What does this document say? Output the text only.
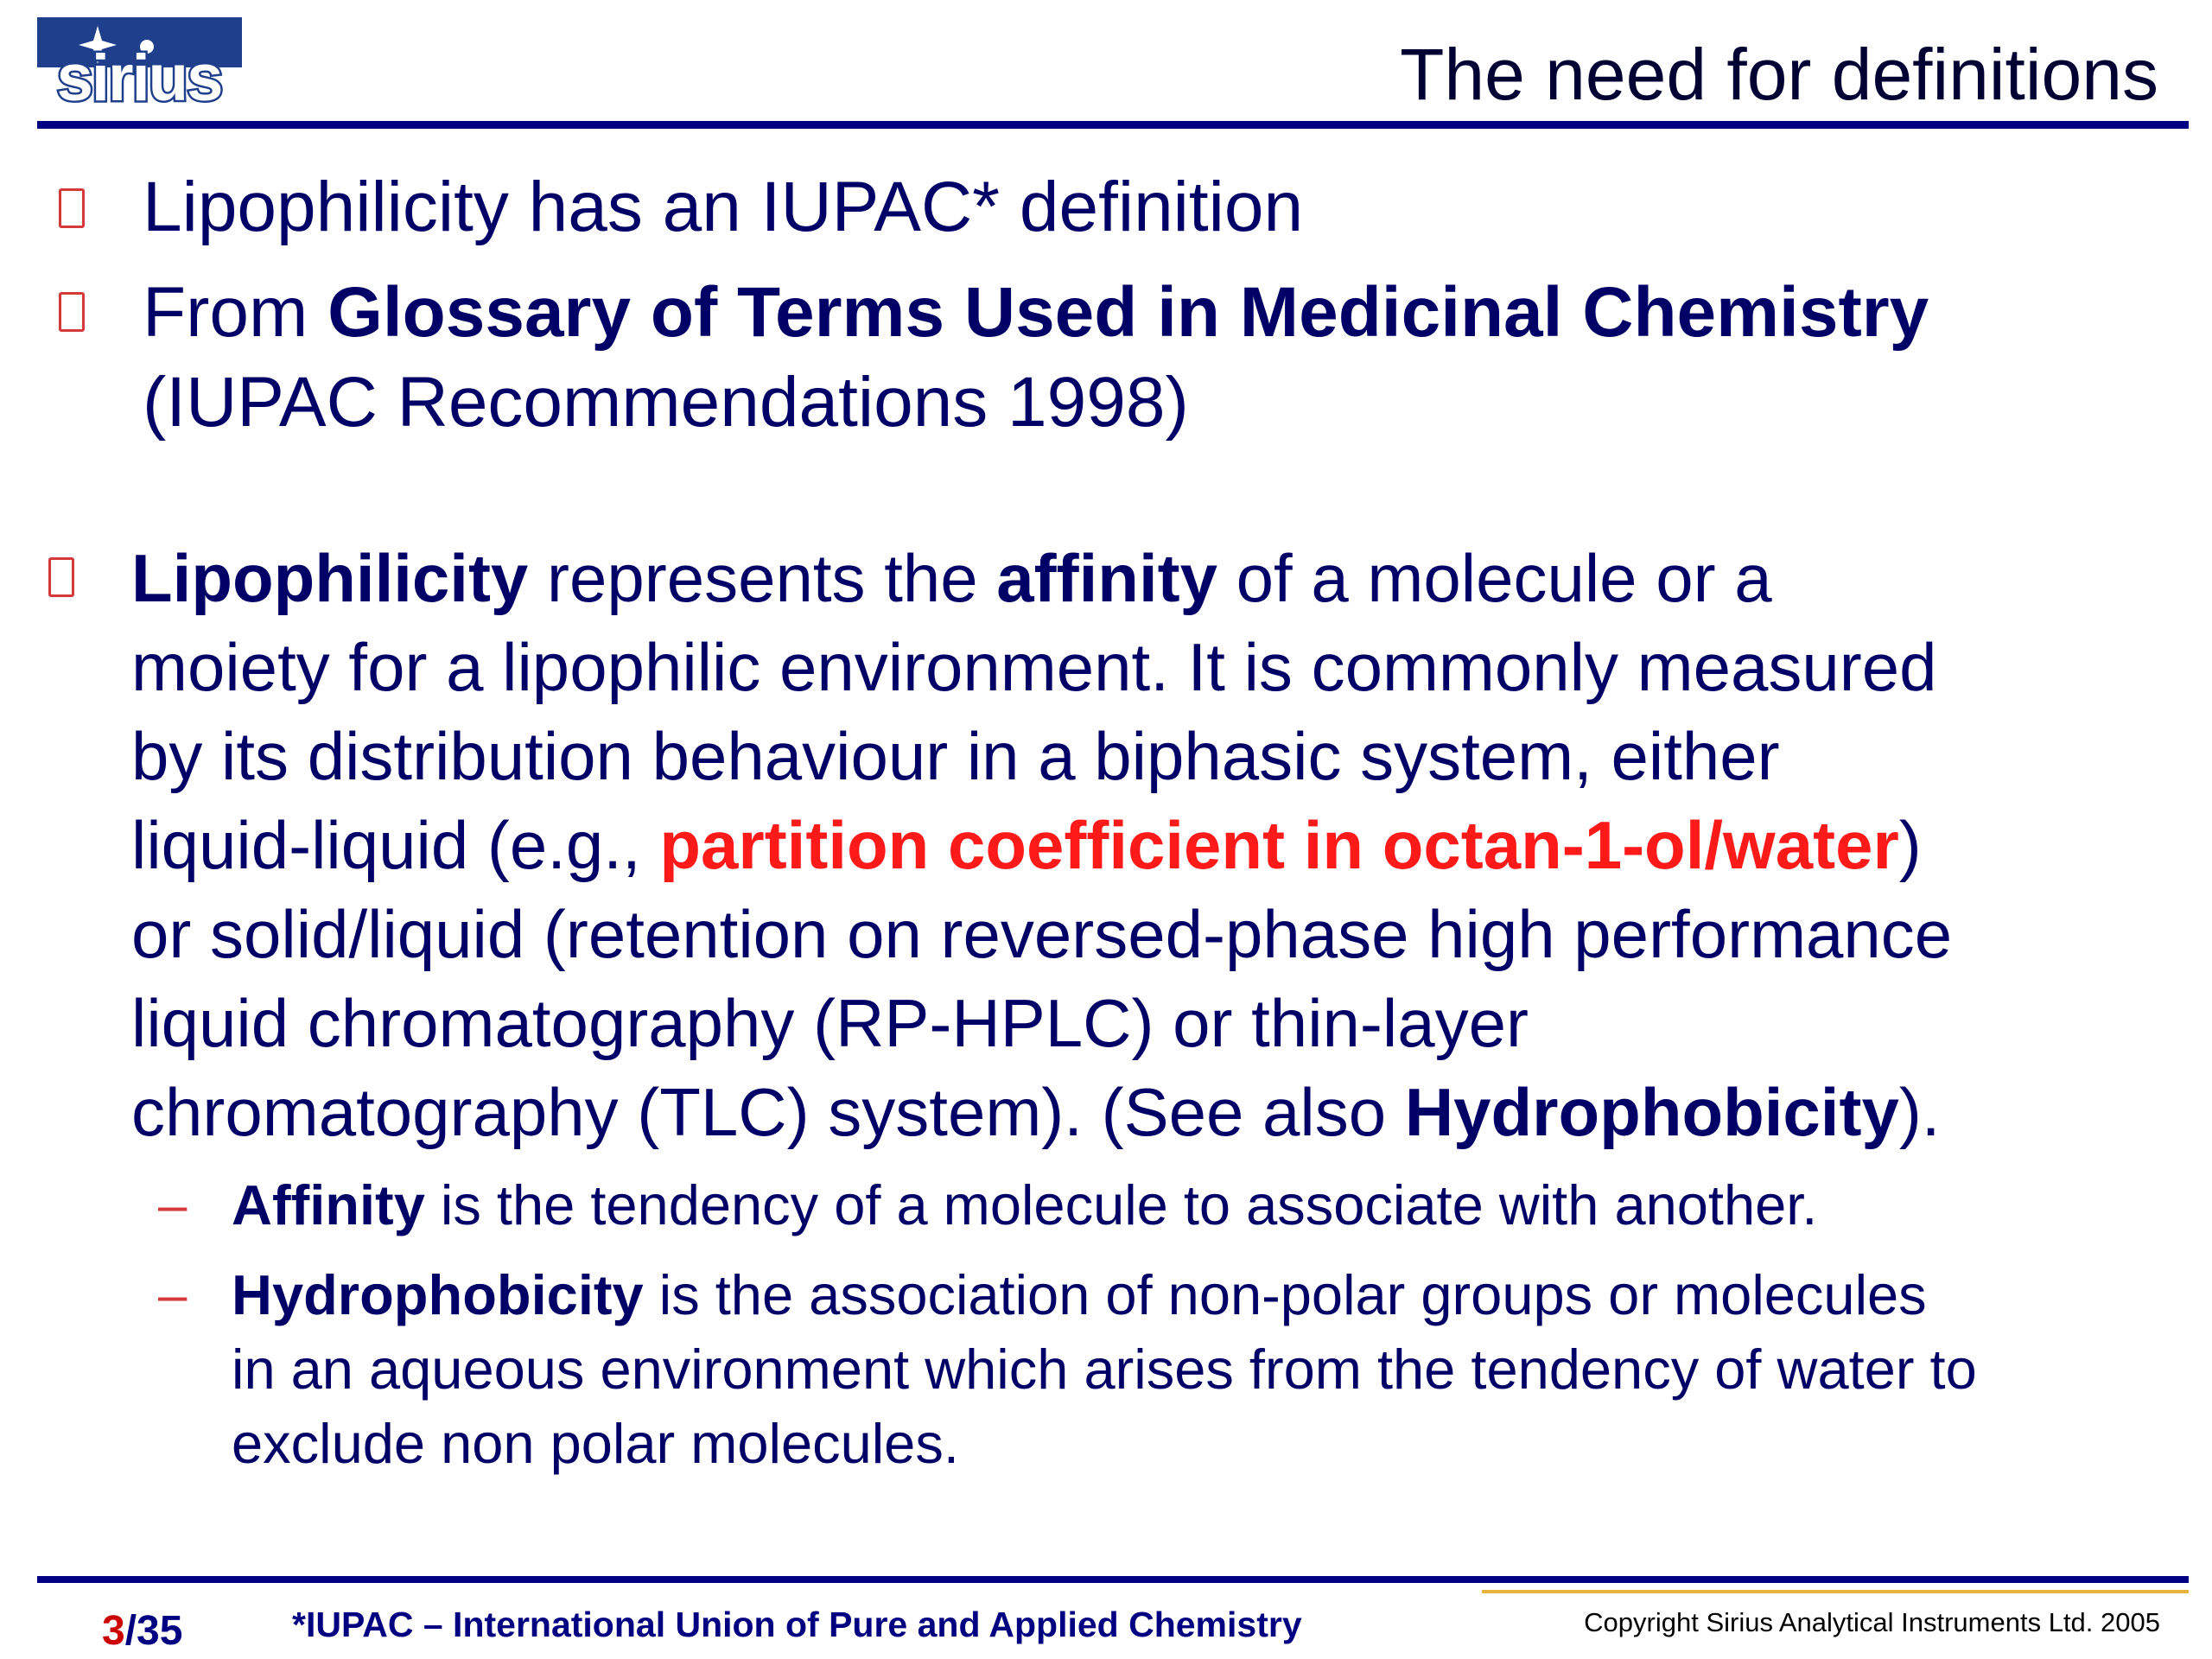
sirius	The need for definitions
Lipophilicity has an IUPAC* definition
From Glossary of Terms Used in Medicinal Chemistry
(IUPAC Recommendations 1998)
Lipophilicity represents the affinity of a molecule or a
moiety for a lipophilic environment. It is commonly measured
by its distribution behaviour in a biphasic system, either
liquid-liquid (e.g., partition coefficient in octan-1-ol/water)
or solid/liquid (retention on reversed-phase high performance
liquid chromatography (RP-HPLC) or thin-layer
chromatography (TLC) system). (See also Hydrophobicity).
– Affinity is the tendency of a molecule to associate with another.
– Hydrophobicity is the association of non-polar groups or molecules
in an aqueous environment which arises from the tendency of water to
exclude non polar molecules.
3/35	*IUPAC – International Union of Pure and Applied Chemistry	Copyright Sirius Analytical Instruments Ltd. 2005
